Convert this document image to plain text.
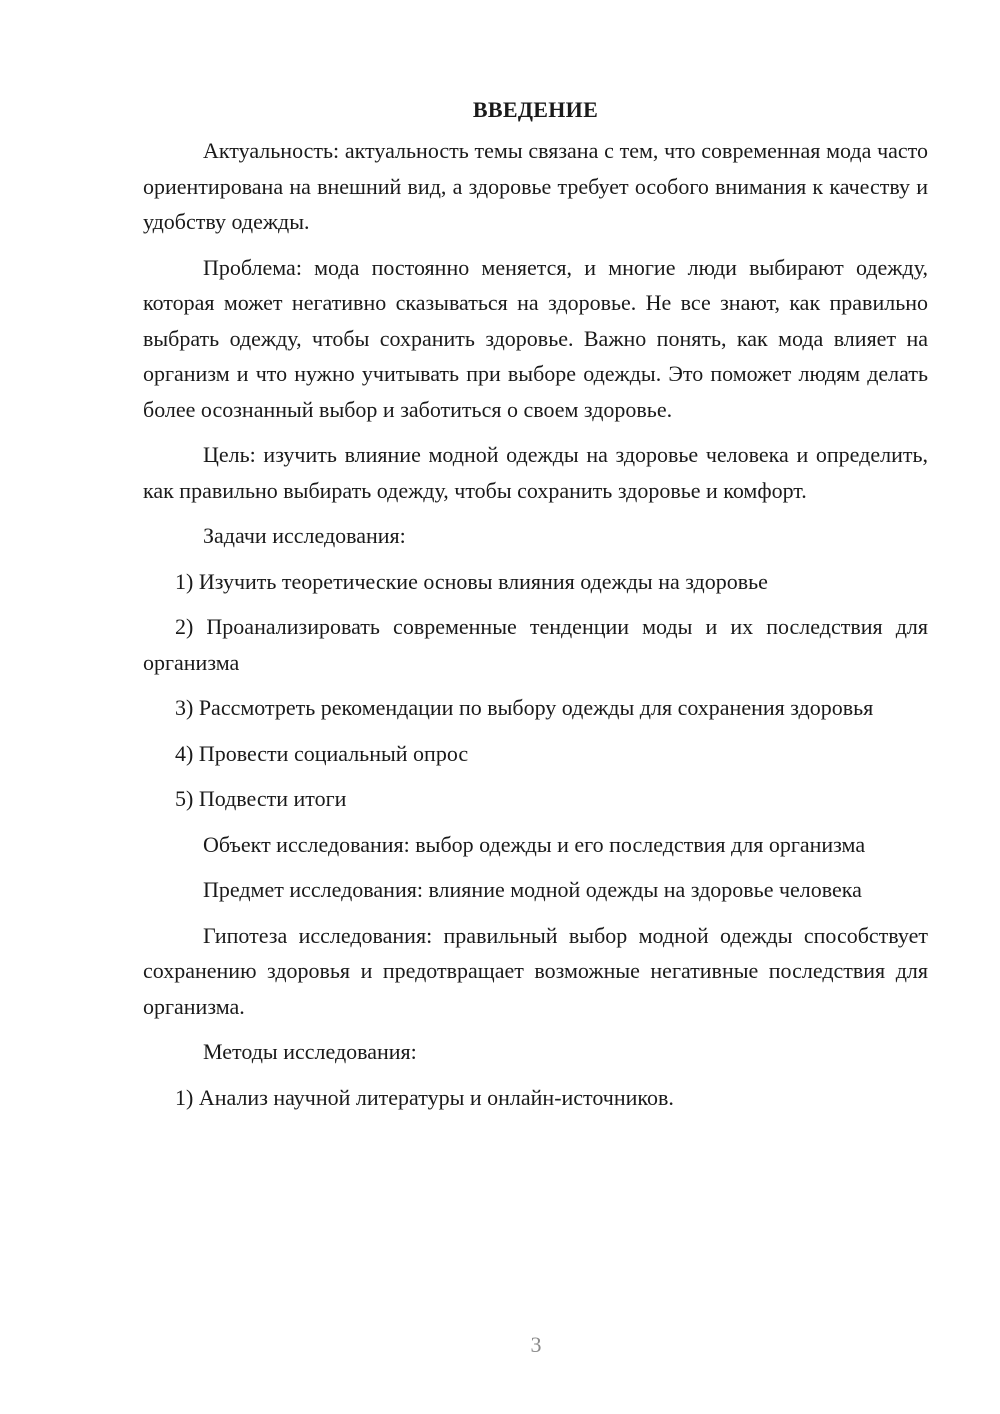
ВВЕДЕНИЕ

Актуальность: актуальность темы связана с тем, что современная мода часто ориентирована на внешний вид, а здоровье требует особого внимания к качеству и удобству одежды.

Проблема: мода постоянно меняется, и многие люди выбирают одежду, которая может негативно сказываться на здоровье. Не все знают, как правильно выбрать одежду, чтобы сохранить здоровье. Важно понять, как мода влияет на организм и что нужно учитывать при выборе одежды. Это поможет людям делать более осознанный выбор и заботиться о своем здоровье.

Цель: изучить влияние модной одежды на здоровье человека и определить, как правильно выбирать одежду, чтобы сохранить здоровье и комфорт.

Задачи исследования:

1) Изучить теоретические основы влияния одежды на здоровье

2) Проанализировать современные тенденции моды и их последствия для организма

3) Рассмотреть рекомендации по выбору одежды для сохранения здоровья

4) Провести социальный опрос

5) Подвести итоги

Объект исследования: выбор одежды и его последствия для организма

Предмет исследования: влияние модной одежды на здоровье человека

Гипотеза исследования: правильный выбор модной одежды способствует сохранению здоровья и предотвращает возможные негативные последствия для организма.

Методы исследования:

1) Анализ научной литературы и онлайн-источников.

3
